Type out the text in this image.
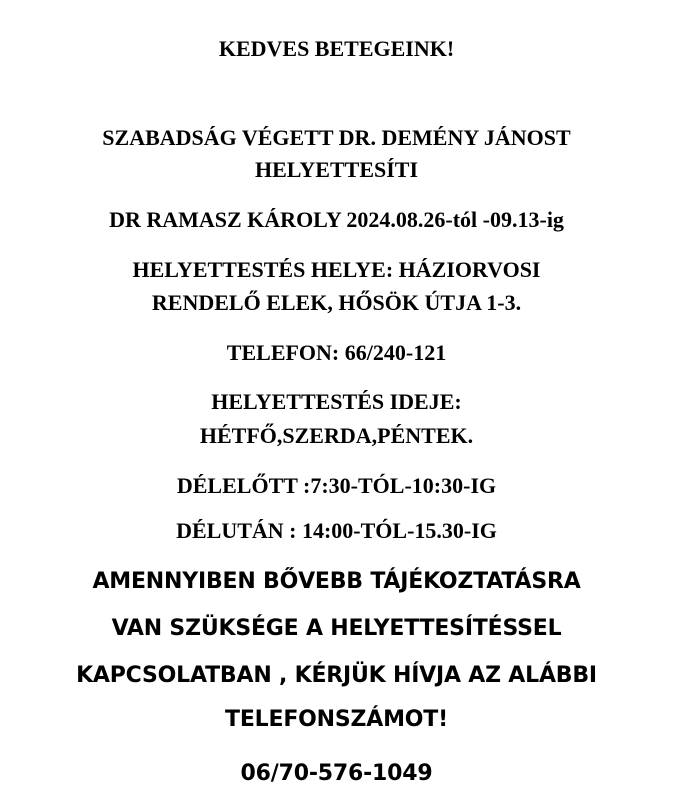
KEDVES BETEGEINK!
SZABADSÁG VÉGETT DR. DEMÉNY JÁNOST
HELYETTESÍTI
DR RAMASZ KÁROLY 2024.08.26-tól -09.13-ig
HELYETTESTÉS HELYE: HÁZIORVOSI
RENDELŐ ELEK, HŐSÖK ÚTJA 1-3.
TELEFON: 66/240-121
HELYETTESTÉS IDEJE:
HÉTFŐ,SZERDA,PÉNTEK.
DÉLELŐTT :7:30-TÓL-10:30-IG
DÉLUTÁN : 14:00-TÓL-15.30-IG
AMENNYIBEN BŐVEBB TÁJÉKOZTATÁSRA
VAN SZÜKSÉGE A HELYETTESÍTÉSSEL
KAPCSOLATBAN , KÉRJÜK HÍVJA AZ ALÁBBI
TELEFONSZÁMOT!
06/70-576-1049
